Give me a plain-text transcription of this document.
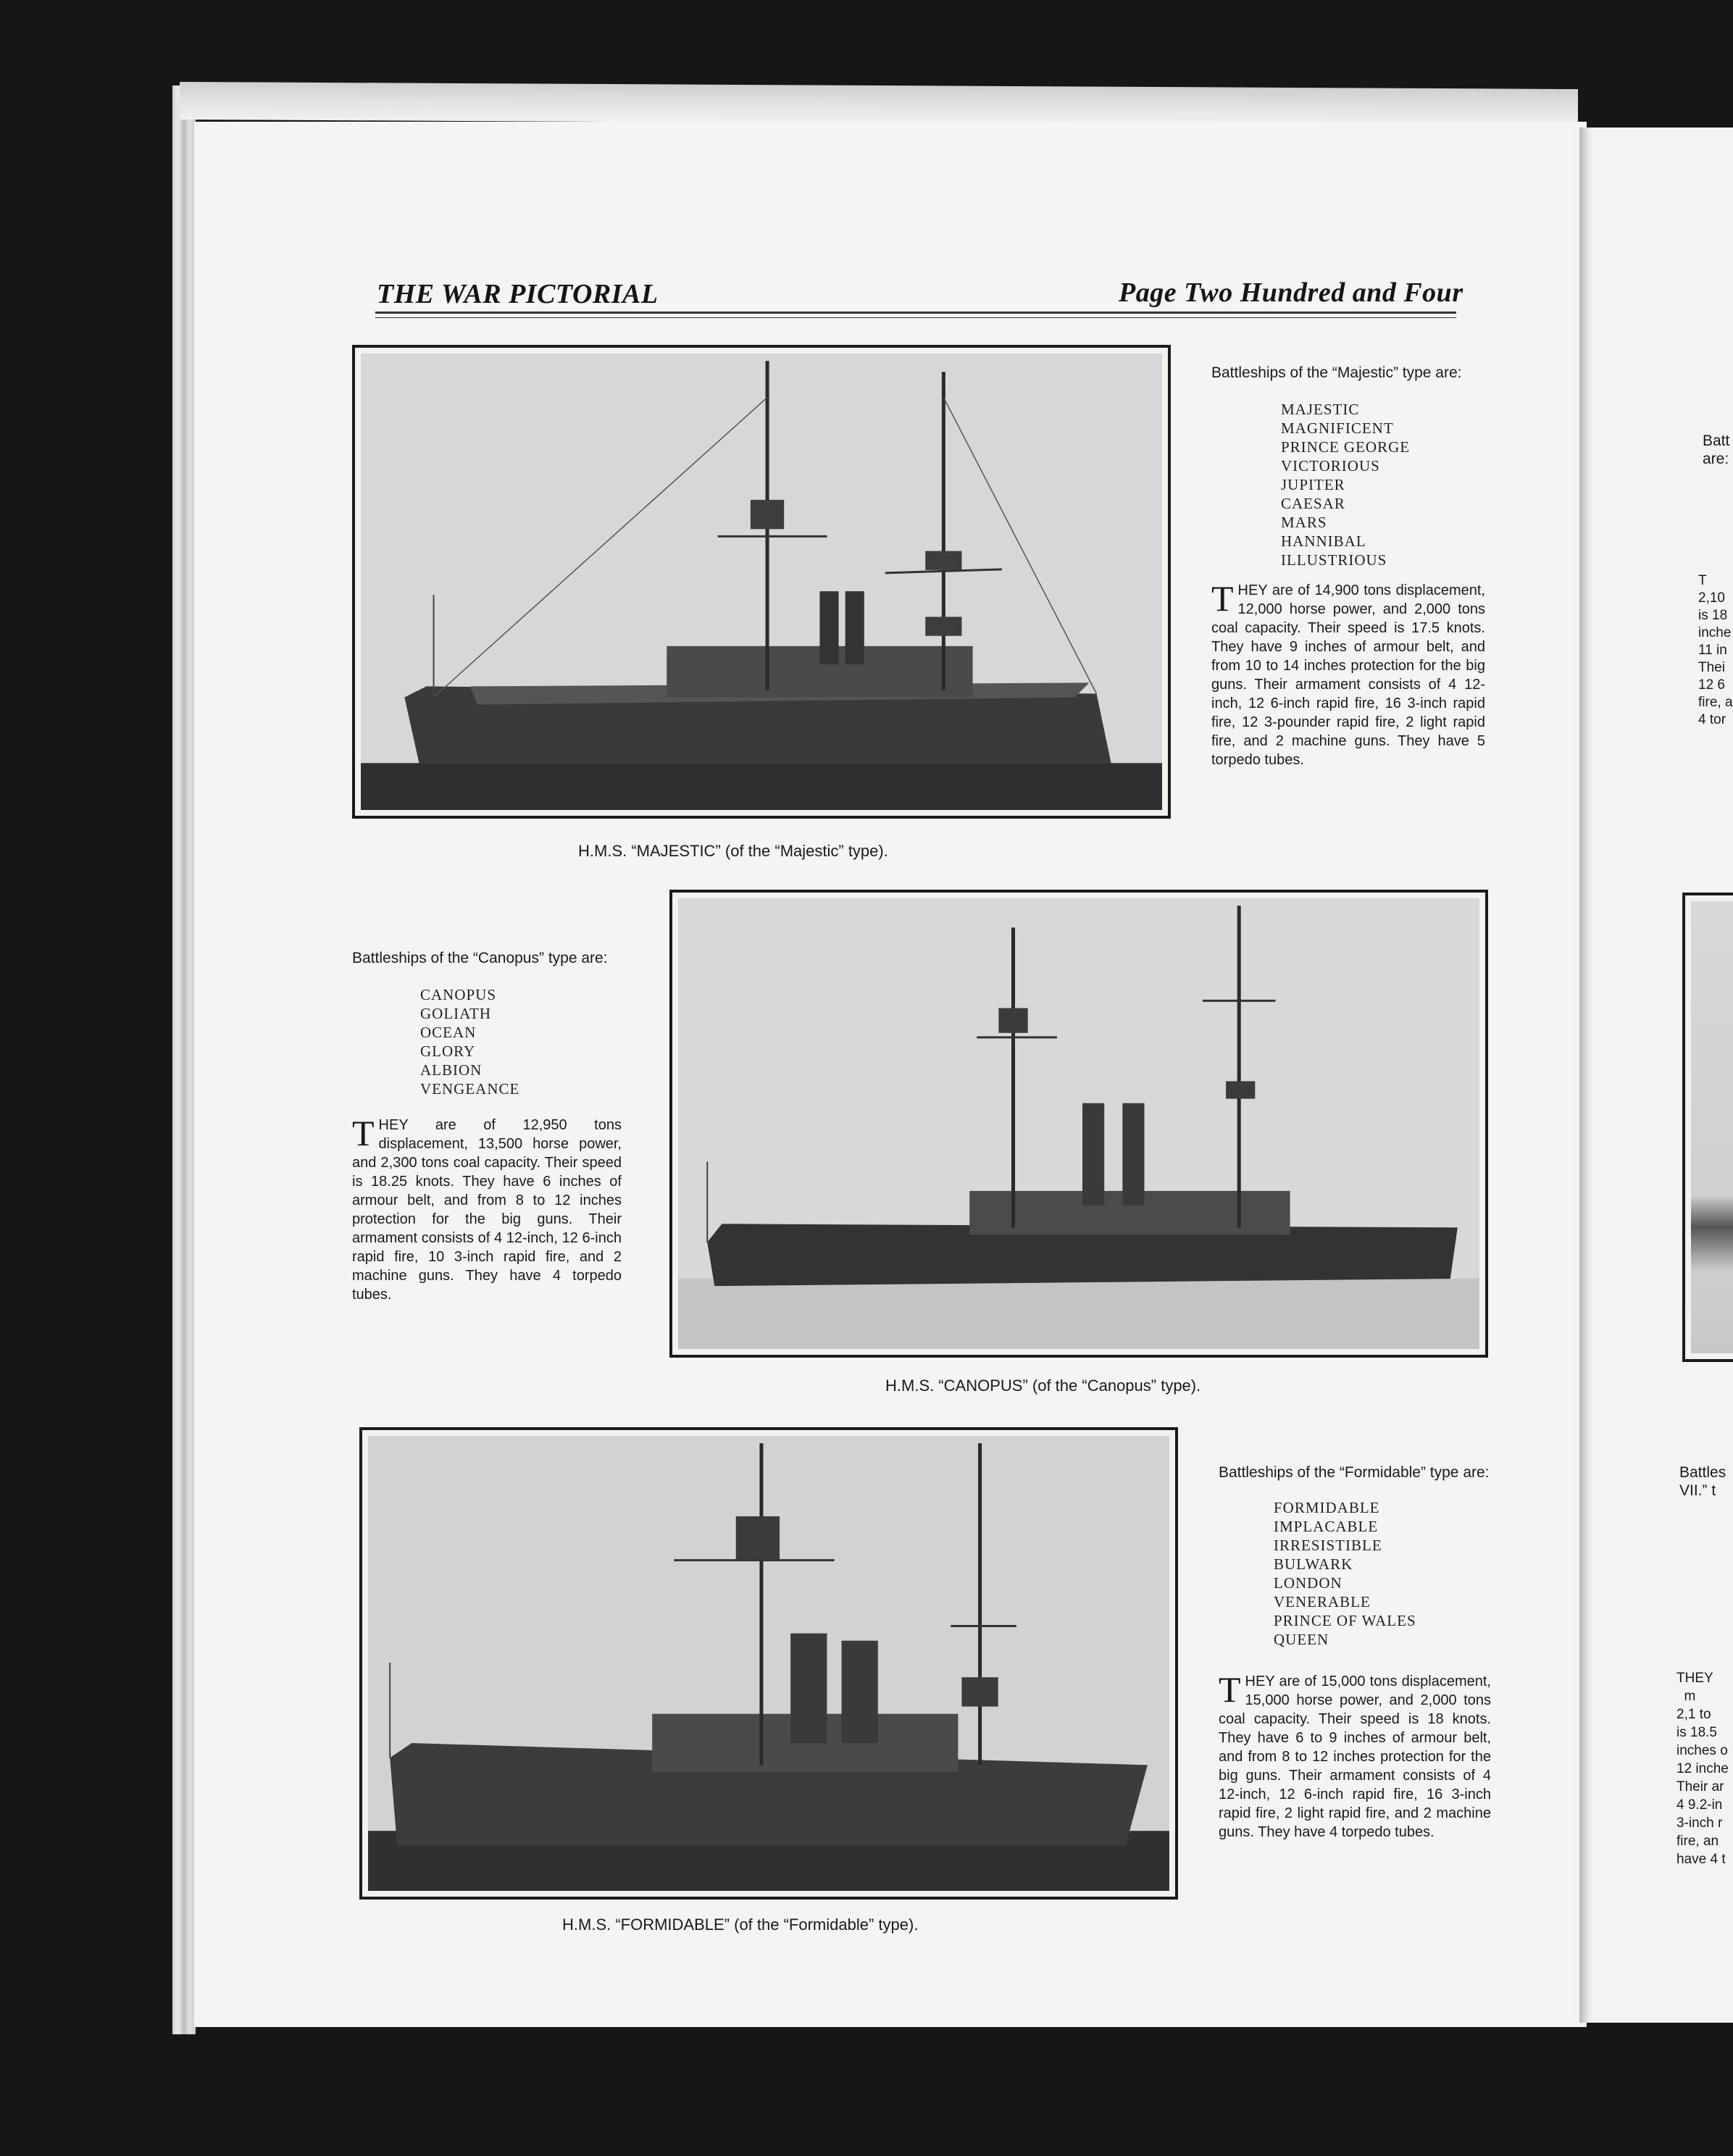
THE WAR PICTORIAL	Page Two Hundred and Four
H.M.S. “MAJESTIC” (of the “Majestic” type).
Battleships of the “Majestic” type are:
MAJESTIC
MAGNIFICENT
PRINCE GEORGE
VICTORIOUS
JUPITER
CAESAR
MARS
HANNIBAL
ILLUSTRIOUS
THEY are of 14,900 tons displacement, 12,000 horse power, and 2,000 tons coal capacity. Their speed is 17.5 knots. They have 9 inches of armour belt, and from 10 to 14 inches protection for the big guns. Their armament consists of 4 12-inch, 12 6-inch rapid fire, 16 3-inch rapid fire, 12 3-pounder rapid fire, 2 light rapid fire, and 2 machine guns. They have 5 torpedo tubes.
Battleships of the “Canopus” type are:
CANOPUS
GOLIATH
OCEAN
GLORY
ALBION
VENGEANCE
THEY are of 12,950 tons displacement, 13,500 horse power, and 2,300 tons coal capacity. Their speed is 18.25 knots. They have 6 inches of armour belt, and from 8 to 12 inches protection for the big guns. Their armament consists of 4 12-inch, 12 6-inch rapid fire, 10 3-inch rapid fire, and 2 machine guns. They have 4 torpedo tubes.
H.M.S. “CANOPUS” (of the “Canopus” type).
H.M.S. “FORMIDABLE” (of the “Formidable” type).
Battleships of the “Formidable” type are:
FORMIDABLE
IMPLACABLE
IRRESISTIBLE
BULWARK
LONDON
VENERABLE
PRINCE OF WALES
QUEEN
THEY are of 15,000 tons displacement, 15,000 horse power, and 2,000 tons coal capacity. Their speed is 18 knots. They have 6 to 9 inches of armour belt, and from 8 to 12 inches protection for the big guns. Their armament consists of 4 12-inch, 12 6-inch rapid fire, 16 3-inch rapid fire, 2 light rapid fire, and 2 machine guns. They have 4 torpedo tubes.
Batt
are:
T
2,10
is 18
inche
11 in
Thei
12 6
fire, a
4 tor
Battles
VII.” t
THEY
m
2,1 to
is 18.5
inches o
12 inche
Their ar
4 9.2-in
3-inch r
fire, an
have 4 t
